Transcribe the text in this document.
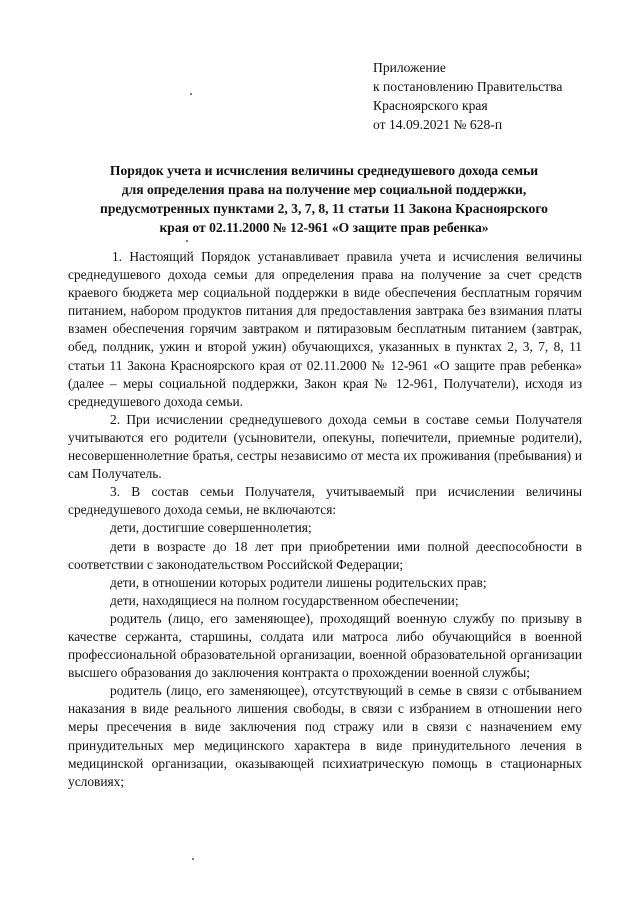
Приложение
к постановлению Правительства
Красноярского края
от 14.09.2021 № 628-п
Порядок учета и исчисления величины среднедушевого дохода семьи
для определения права на получение мер социальной поддержки,
предусмотренных пунктами 2, 3, 7, 8, 11 статьи 11 Закона Красноярского
края от 02.11.2000 № 12-961 «О защите прав ребенка»

1. Настоящий Порядок устанавливает правила учета и исчисления величины среднедушевого дохода семьи для определения права на получение за счет средств краевого бюджета мер социальной поддержки в виде обеспечения бесплатным горячим питанием, набором продуктов питания для предоставления завтрака без взимания платы взамен обеспечения горячим завтраком и пятиразовым бесплатным питанием (завтрак, обед, полдник, ужин и второй ужин) обучающихся, указанных в пунктах 2, 3, 7, 8, 11 статьи 11 Закона Красноярского края от 02.11.2000 № 12-961 «О защите прав ребенка» (далее – меры социальной поддержки, Закон края № 12-961, Получатели), исходя из среднедушевого дохода семьи.

2. При исчислении среднедушевого дохода семьи в составе семьи Получателя учитываются его родители (усыновители, опекуны, попечители, приемные родители), несовершеннолетние братья, сестры независимо от места их проживания (пребывания) и сам Получатель.

3. В состав семьи Получателя, учитываемый при исчислении величины среднедушевого дохода семьи, не включаются:

дети, достигшие совершеннолетия;

дети в возрасте до 18 лет при приобретении ими полной дееспособности в соответствии с законодательством Российской Федерации;

дети, в отношении которых родители лишены родительских прав;

дети, находящиеся на полном государственном обеспечении;

родитель (лицо, его заменяющее), проходящий военную службу по призыву в качестве сержанта, старшины, солдата или матроса либо обучающийся в военной профессиональной образовательной организации, военной образовательной организации высшего образования до заключения контракта о прохождении военной службы;

родитель (лицо, его заменяющее), отсутствующий в семье в связи с отбыванием наказания в виде реального лишения свободы, в связи с избранием в отношении него меры пресечения в виде заключения под стражу или в связи с назначением ему принудительных мер медицинского характера в виде принудительного лечения в медицинской организации, оказывающей психиатрическую помощь в стационарных условиях;
